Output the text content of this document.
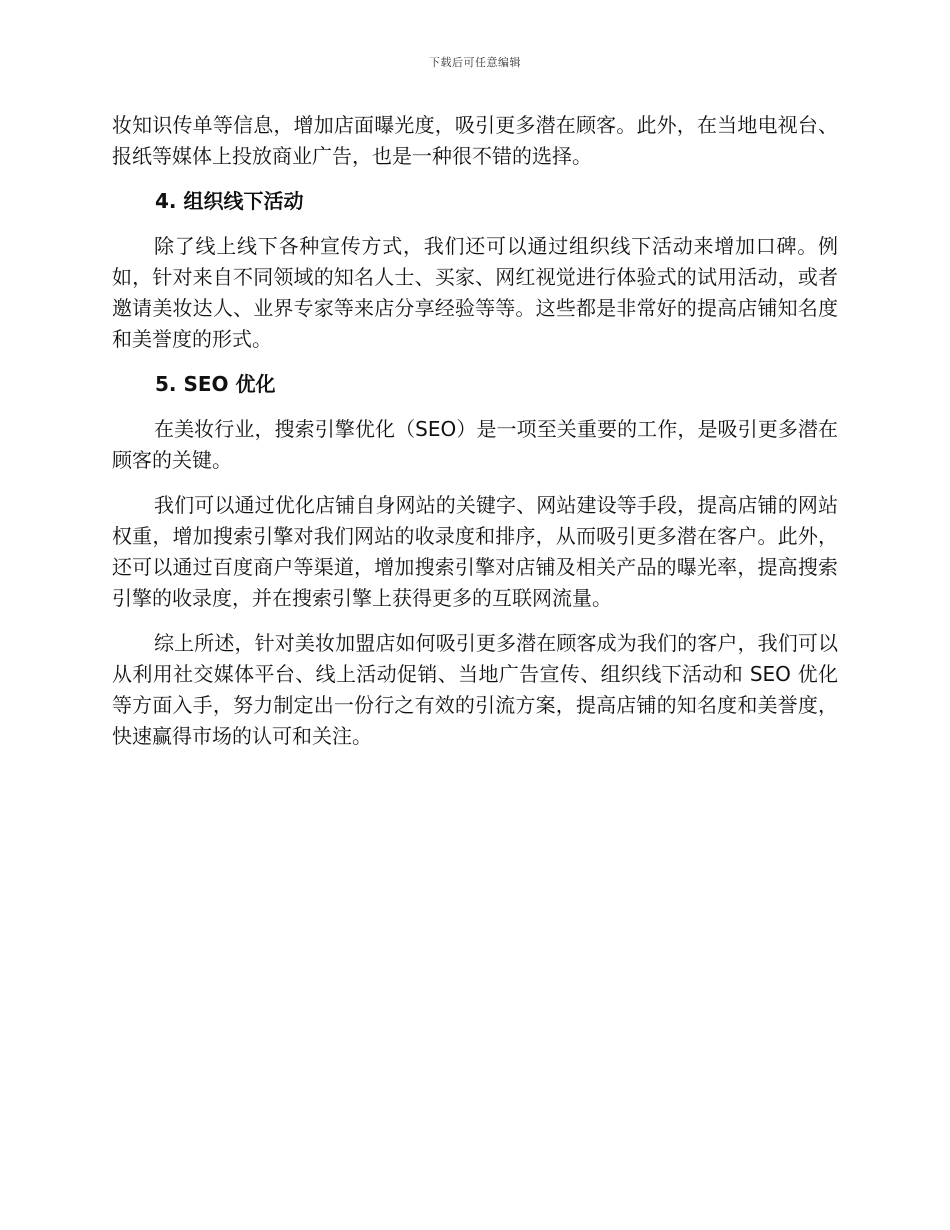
下载后可任意编辑

妆知识传单等信息，增加店面曝光度，吸引更多潜在顾客。此外，在当地电视台、报纸等媒体上投放商业广告，也是一种很不错的选择。

4. 组织线下活动

除了线上线下各种宣传方式，我们还可以通过组织线下活动来增加口碑。例如，针对来自不同领域的知名人士、买家、网红视觉进行体验式的试用活动，或者邀请美妆达人、业界专家等来店分享经验等等。这些都是非常好的提高店铺知名度和美誉度的形式。

5. SEO 优化

在美妆行业，搜索引擎优化（SEO）是一项至关重要的工作，是吸引更多潜在顾客的关键。

我们可以通过优化店铺自身网站的关键字、网站建设等手段，提高店铺的网站权重，增加搜索引擎对我们网站的收录度和排序，从而吸引更多潜在客户。此外，还可以通过百度商户等渠道，增加搜索引擎对店铺及相关产品的曝光率，提高搜索引擎的收录度，并在搜索引擎上获得更多的互联网流量。

综上所述，针对美妆加盟店如何吸引更多潜在顾客成为我们的客户，我们可以从利用社交媒体平台、线上活动促销、当地广告宣传、组织线下活动和 SEO 优化等方面入手，努力制定出一份行之有效的引流方案，提高店铺的知名度和美誉度，快速赢得市场的认可和关注。
